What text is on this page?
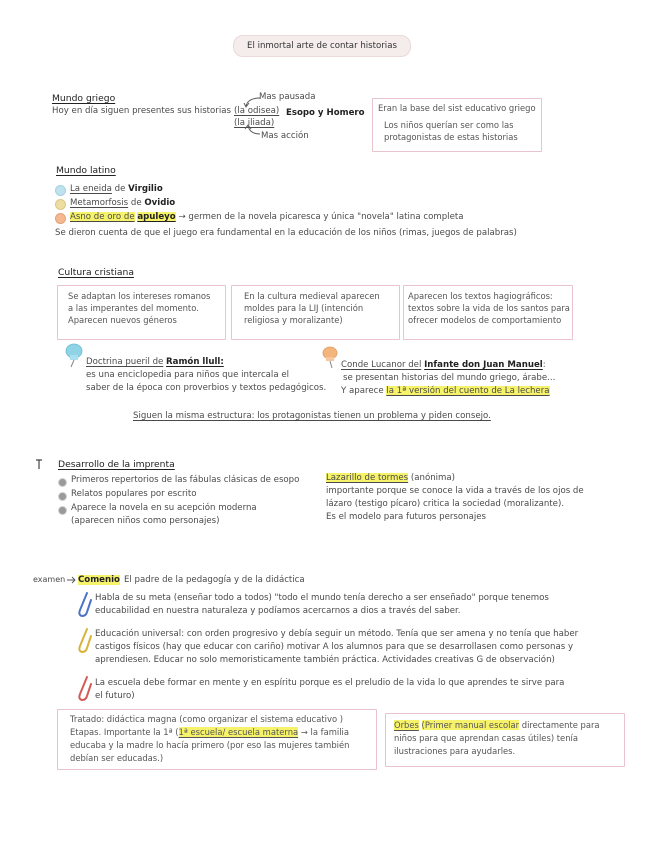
El inmortal arte de contar historias
Mundo griego
Hoy en día siguen presentes sus historias (la odisea)
(la iliada)
Esopo y Homero
Mas pausada
Mas acción
Eran la base del sist educativo griego
Los niños querían ser como las
protagonistas de estas historias
Mundo latino
La eneida de Virgilio
Metamorfosis de Ovidio
Asno de oro de apuleyo → germen de la novela picaresca y única "novela" latina completa
Se dieron cuenta de que el juego era fundamental en la educación de los niños (rimas, juegos de palabras)
Cultura cristiana
Se adaptan los intereses romanos
a las imperantes del momento.
Aparecen nuevos géneros
En la cultura medieval aparecen
moldes para la LIJ (intención
religiosa y moralizante)
Aparecen los textos hagiográficos:
textos sobre la vida de los santos para
ofrecer modelos de comportamiento
Doctrina pueril de Ramón llull:
es una enciclopedia para niños que intercala el
saber de la época con proverbios y textos pedagógicos.
Conde Lucanor del Infante don Juan Manuel:
se presentan historias del mundo griego, árabe...
Y aparece la 1ª versión del cuento de La lechera
Siguen la misma estructura: los protagonistas tienen un problema y piden consejo.
Desarrollo de la imprenta
Primeros repertorios de las fábulas clásicas de esopo
Relatos populares por escrito
Aparece la novela en su acepción moderna
(aparecen niños como personajes)
Lazarillo de tormes (anónima)
importante porque se conoce la vida a través de los ojos de
lázaro (testigo pícaro) critica la sociedad (moralizante).
Es el modelo para futuros personajes
examen Comenio El padre de la pedagogía y de la didáctica
Habla de su meta (enseñar todo a todos) "todo el mundo tenía derecho a ser enseñado" porque tenemos
educabilidad en nuestra naturaleza y podíamos acercarnos a dios a través del saber.
Educación universal: con orden progresivo y debía seguir un método. Tenía que ser amena y no tenía que haber
castigos físicos (hay que educar con cariño) motivar A los alumnos para que se desarrollasen como personas y
aprendiesen. Educar no solo memoristicamente también práctica. Actividades creativas G de observación)
La escuela debe formar en mente y en espíritu porque es el preludio de la vida lo que aprendes te sirve para
el futuro)
Tratado: didáctica magna (como organizar el sistema educativo )
Etapas. Importante la 1ª (1ª escuela/ escuela materna → la familia
educaba y la madre lo hacía primero (por eso las mujeres también
debían ser educadas.)
Orbes (Primer manual escolar directamente para
niños para que aprendan casas útiles) tenía
ilustraciones para ayudarles.
